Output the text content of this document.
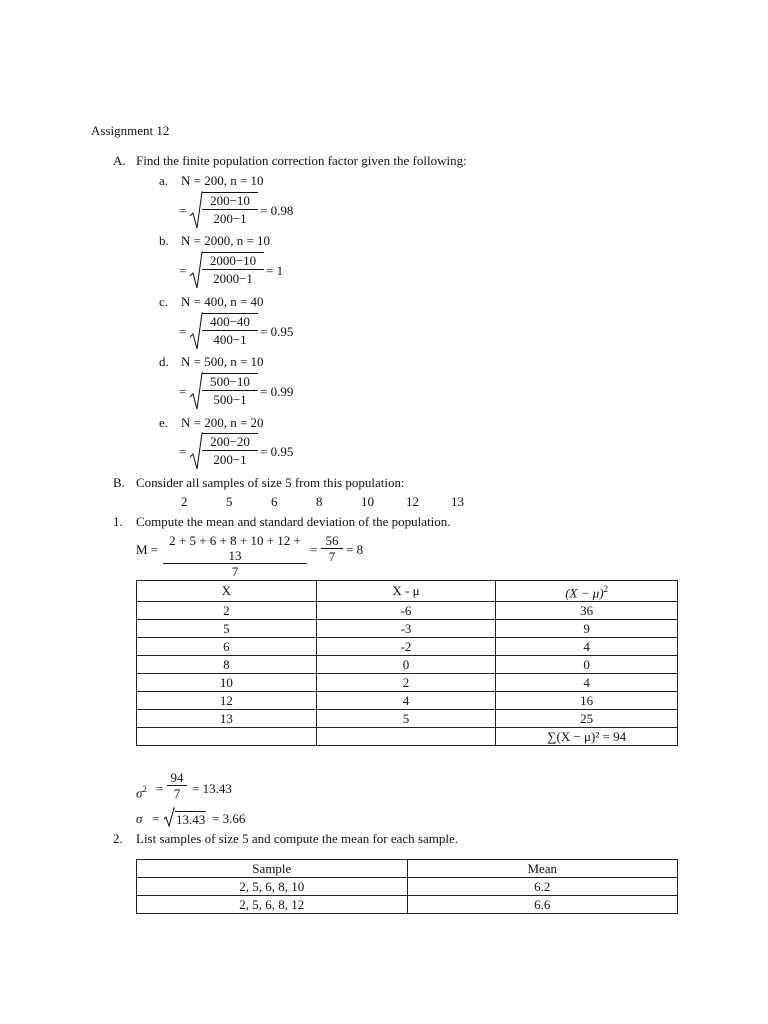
Assignment 12
A. Find the finite population correction factor given the following:
a. N = 200, n = 10
= $\frac{200-10}{200-1} = 0.98$
b. N = 2000, n = 10
= $\frac{2000-10}{2000-1} = 1$
c. N = 400, n = 40
= $\frac{400-40}{400-1} = 0.95$
d. N = 500, n = 10
= $\frac{500-10}{500-1} = 0.99$
e. N = 200, n = 20
= $\frac{200-20}{200-1} = 0.95$
B. Consider all samples of size 5 from this population:
2	5	6	8	10 12 13
1. Compute the mean and standard deviation of the population.
$M = \frac{2 + 5 + 6 + 8 + 10 + 12 + 13}{7} = \frac{56}{7} = 8$
X	X - μ	$(X - \mu)^2$
2	-6	36
5	-3	9
6	-2	4
8	0	0
10	2	4
12	4	16
13	5	25
		∑(X − μ)² = 94
$\sigma^2 = \frac{94}{7} = 13.43$
σ = 13.43 = 3.66
2. List samples of size 5 and compute the mean for each sample.
Sample	Mean
2, 5, 6, 8, 10	6.2
2, 5, 6, 8, 12	6.6
